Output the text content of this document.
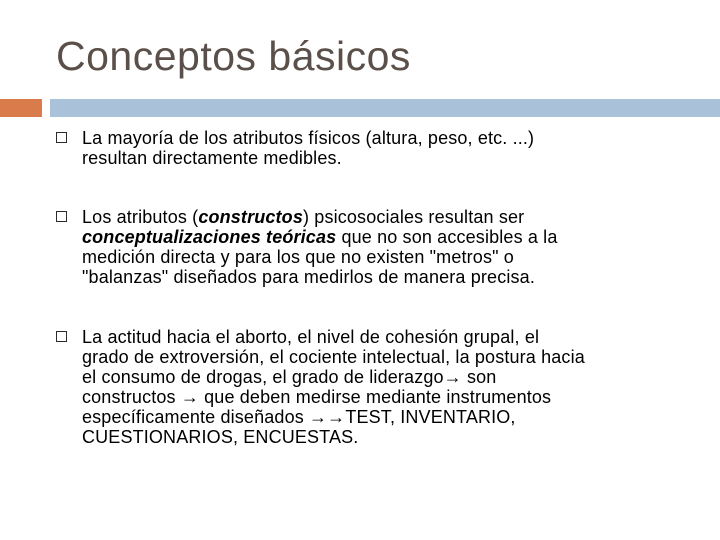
Conceptos básicos
La mayoría de los atributos físicos (altura, peso, etc. ...)
resultan directamente medibles.
Los atributos (constructos) psicosociales resultan ser
conceptualizaciones teóricas que no son accesibles a la
medición directa y para los que no existen "metros" o
"balanzas" diseñados para medirlos de manera precisa.
La actitud hacia el aborto, el nivel de cohesión grupal, el
grado de extroversión, el cociente intelectual, la postura hacia
el consumo de drogas, el grado de liderazgo→ son
constructos → que deben medirse mediante instrumentos
específicamente diseñados →→TEST, INVENTARIO,
CUESTIONARIOS, ENCUESTAS.
